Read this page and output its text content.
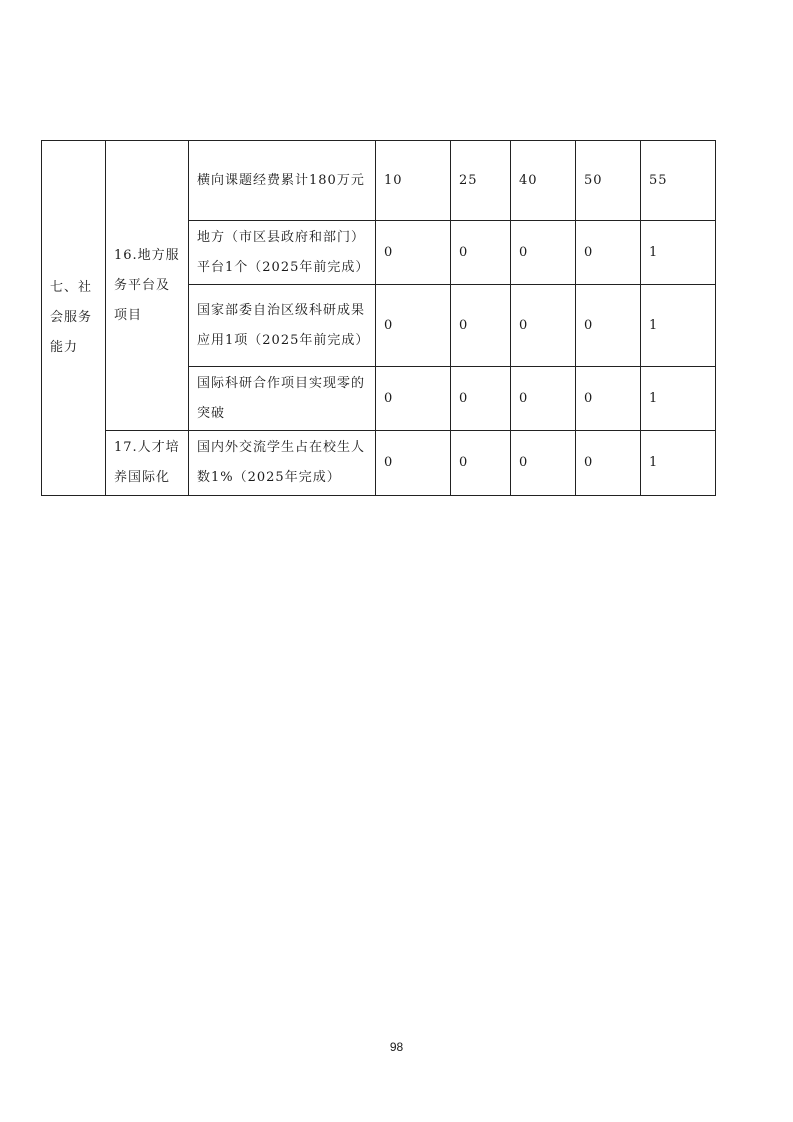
七、社会服务能力	16.地方服务平台及项目	横向课题经费累计180万元	10	25	40	50	55
		地方（市区县政府和部门）平台1个（2025年前完成）	0	0	0	0	1
		国家部委自治区级科研成果应用1项（2025年前完成）	0	0	0	0	1
		国际科研合作项目实现零的突破	0	0	0	0	1
	17.人才培养国际化	国内外交流学生占在校生人数1%（2025年完成）	0	0	0	0	1
98
